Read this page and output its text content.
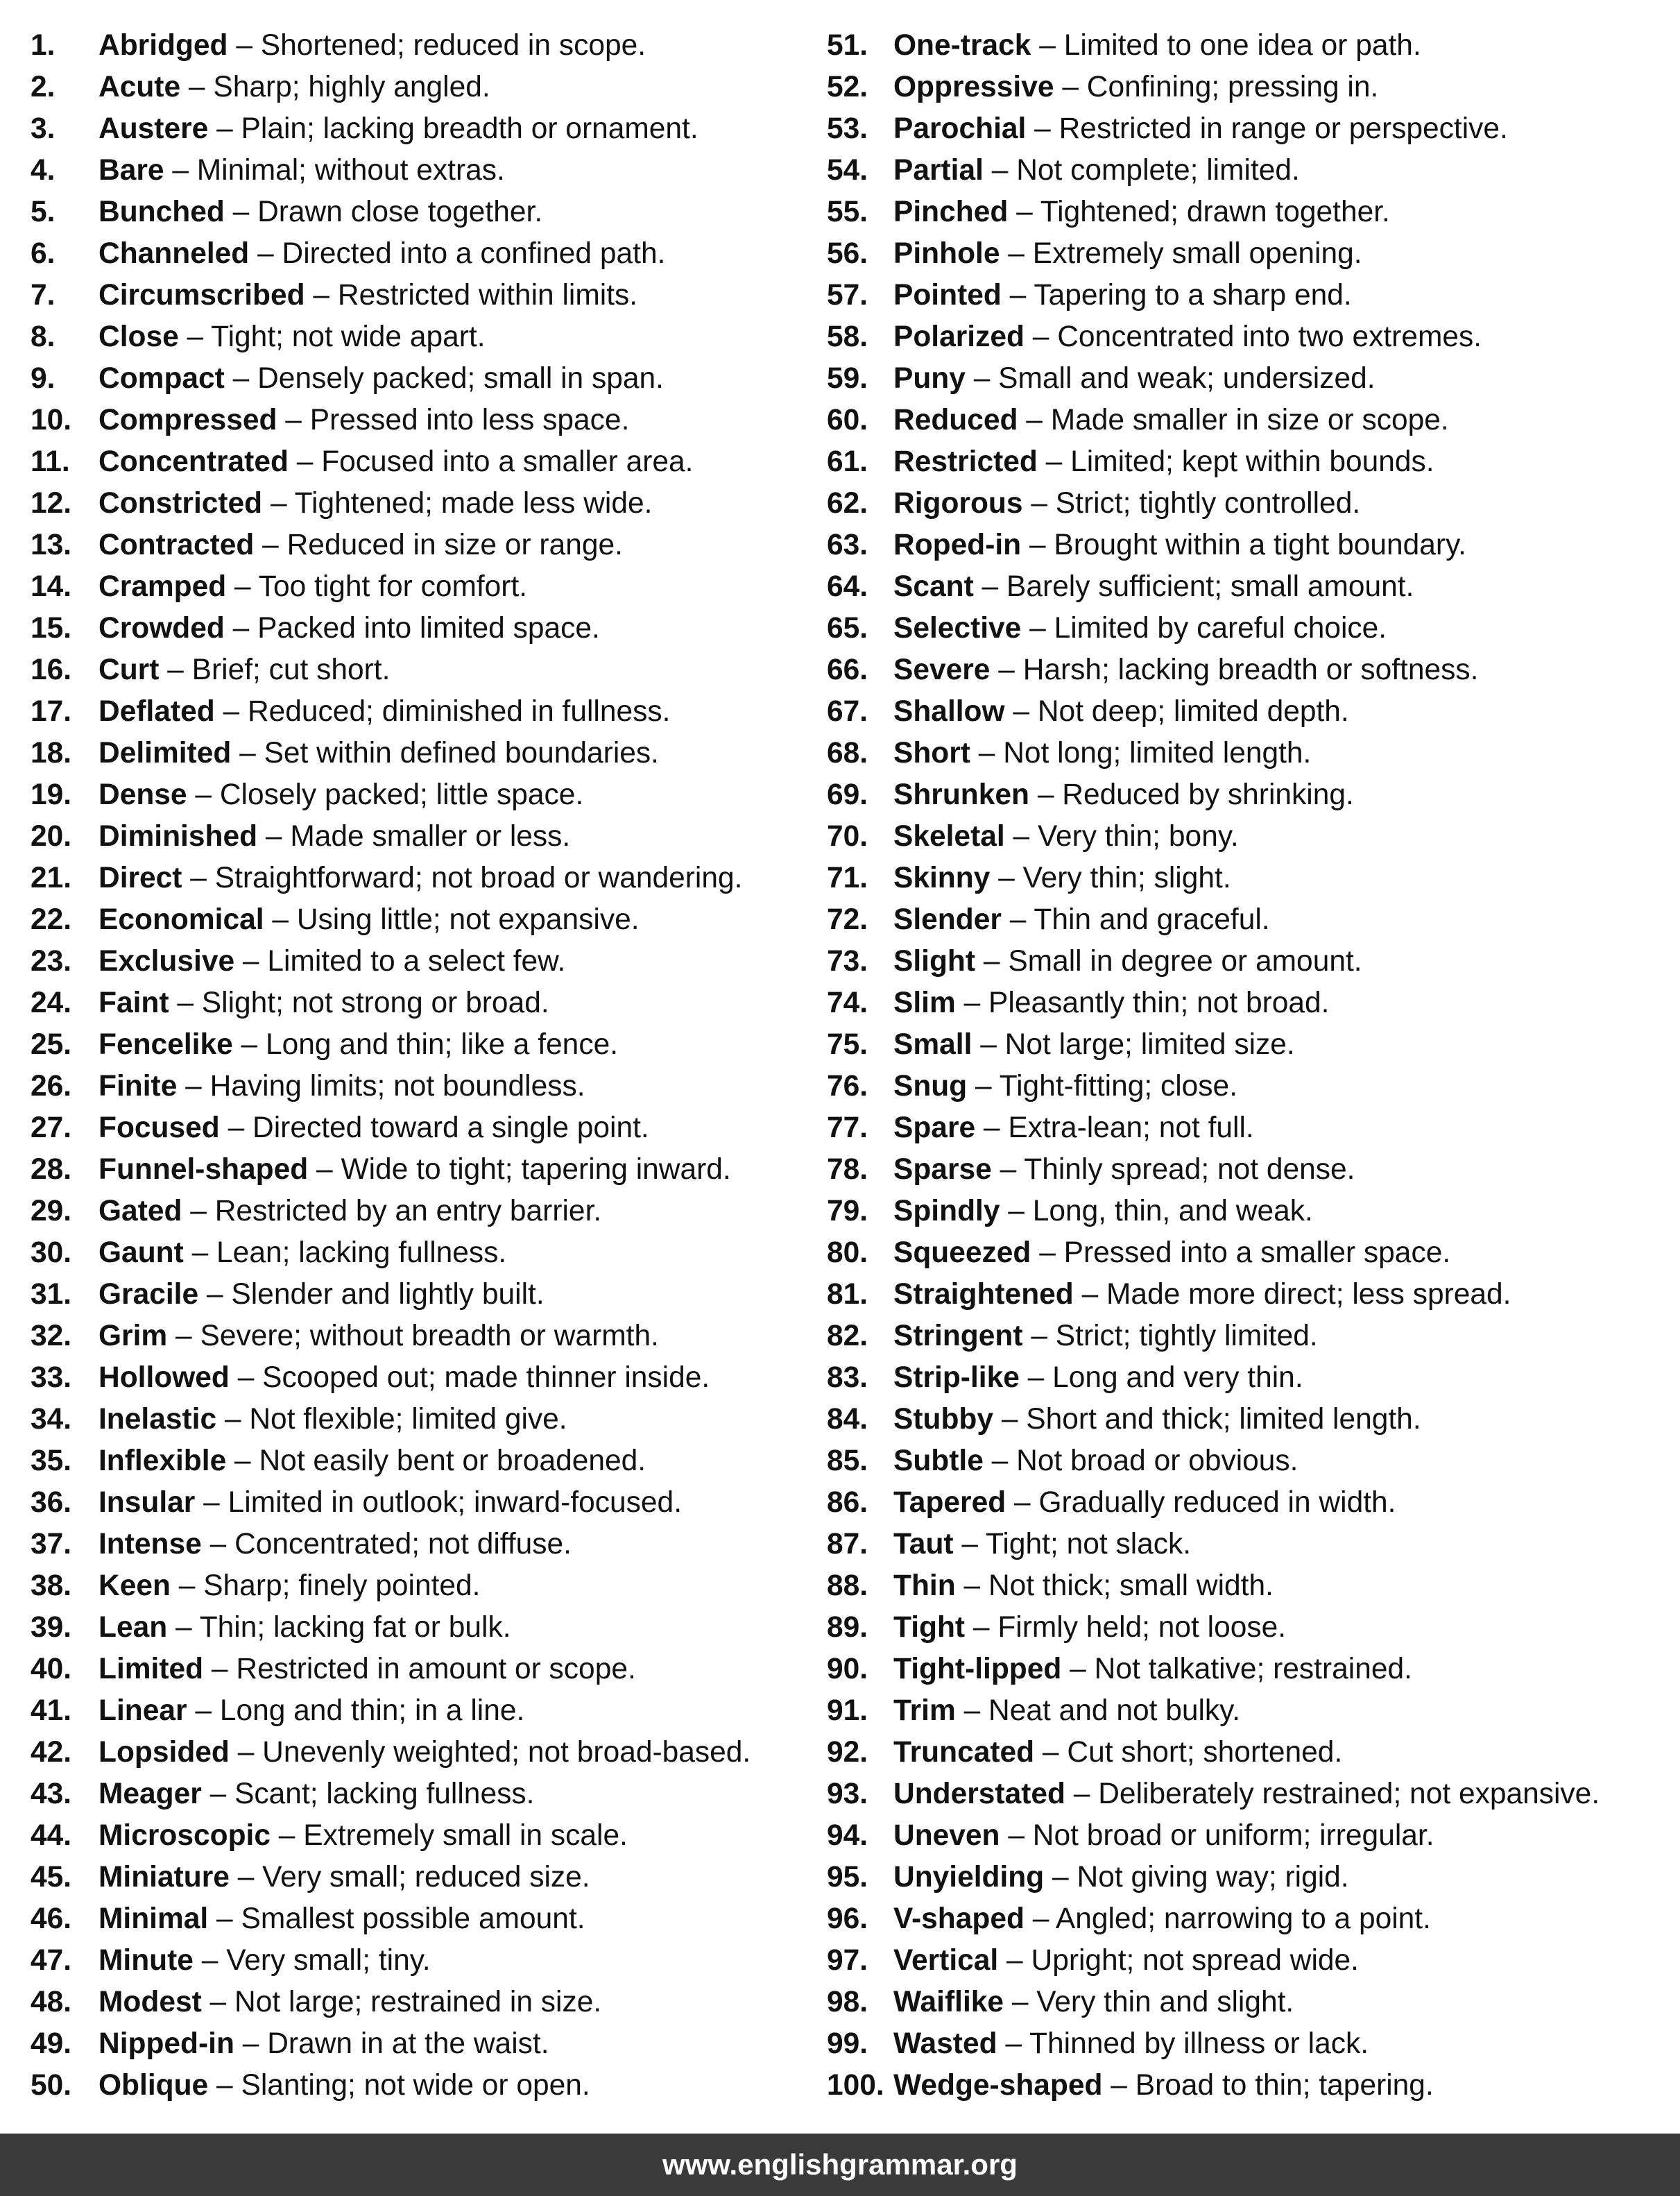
1. Abridged – Shortened; reduced in scope.
2. Acute – Sharp; highly angled.
3. Austere – Plain; lacking breadth or ornament.
4. Bare – Minimal; without extras.
5. Bunched – Drawn close together.
6. Channeled – Directed into a confined path.
7. Circumscribed – Restricted within limits.
8. Close – Tight; not wide apart.
9. Compact – Densely packed; small in span.
10. Compressed – Pressed into less space.
11. Concentrated – Focused into a smaller area.
12. Constricted – Tightened; made less wide.
13. Contracted – Reduced in size or range.
14. Cramped – Too tight for comfort.
15. Crowded – Packed into limited space.
16. Curt – Brief; cut short.
17. Deflated – Reduced; diminished in fullness.
18. Delimited – Set within defined boundaries.
19. Dense – Closely packed; little space.
20. Diminished – Made smaller or less.
21. Direct – Straightforward; not broad or wandering.
22. Economical – Using little; not expansive.
23. Exclusive – Limited to a select few.
24. Faint – Slight; not strong or broad.
25. Fencelike – Long and thin; like a fence.
26. Finite – Having limits; not boundless.
27. Focused – Directed toward a single point.
28. Funnel-shaped – Wide to tight; tapering inward.
29. Gated – Restricted by an entry barrier.
30. Gaunt – Lean; lacking fullness.
31. Gracile – Slender and lightly built.
32. Grim – Severe; without breadth or warmth.
33. Hollowed – Scooped out; made thinner inside.
34. Inelastic – Not flexible; limited give.
35. Inflexible – Not easily bent or broadened.
36. Insular – Limited in outlook; inward-focused.
37. Intense – Concentrated; not diffuse.
38. Keen – Sharp; finely pointed.
39. Lean – Thin; lacking fat or bulk.
40. Limited – Restricted in amount or scope.
41. Linear – Long and thin; in a line.
42. Lopsided – Unevenly weighted; not broad-based.
43. Meager – Scant; lacking fullness.
44. Microscopic – Extremely small in scale.
45. Miniature – Very small; reduced size.
46. Minimal – Smallest possible amount.
47. Minute – Very small; tiny.
48. Modest – Not large; restrained in size.
49. Nipped-in – Drawn in at the waist.
50. Oblique – Slanting; not wide or open.
51. One-track – Limited to one idea or path.
52. Oppressive – Confining; pressing in.
53. Parochial – Restricted in range or perspective.
54. Partial – Not complete; limited.
55. Pinched – Tightened; drawn together.
56. Pinhole – Extremely small opening.
57. Pointed – Tapering to a sharp end.
58. Polarized – Concentrated into two extremes.
59. Puny – Small and weak; undersized.
60. Reduced – Made smaller in size or scope.
61. Restricted – Limited; kept within bounds.
62. Rigorous – Strict; tightly controlled.
63. Roped-in – Brought within a tight boundary.
64. Scant – Barely sufficient; small amount.
65. Selective – Limited by careful choice.
66. Severe – Harsh; lacking breadth or softness.
67. Shallow – Not deep; limited depth.
68. Short – Not long; limited length.
69. Shrunken – Reduced by shrinking.
70. Skeletal – Very thin; bony.
71. Skinny – Very thin; slight.
72. Slender – Thin and graceful.
73. Slight – Small in degree or amount.
74. Slim – Pleasantly thin; not broad.
75. Small – Not large; limited size.
76. Snug – Tight-fitting; close.
77. Spare – Extra-lean; not full.
78. Sparse – Thinly spread; not dense.
79. Spindly – Long, thin, and weak.
80. Squeezed – Pressed into a smaller space.
81. Straightened – Made more direct; less spread.
82. Stringent – Strict; tightly limited.
83. Strip-like – Long and very thin.
84. Stubby – Short and thick; limited length.
85. Subtle – Not broad or obvious.
86. Tapered – Gradually reduced in width.
87. Taut – Tight; not slack.
88. Thin – Not thick; small width.
89. Tight – Firmly held; not loose.
90. Tight-lipped – Not talkative; restrained.
91. Trim – Neat and not bulky.
92. Truncated – Cut short; shortened.
93. Understated – Deliberately restrained; not expansive.
94. Uneven – Not broad or uniform; irregular.
95. Unyielding – Not giving way; rigid.
96. V-shaped – Angled; narrowing to a point.
97. Vertical – Upright; not spread wide.
98. Waiflike – Very thin and slight.
99. Wasted – Thinned by illness or lack.
100. Wedge-shaped – Broad to thin; tapering.
www.englishgrammar.org
